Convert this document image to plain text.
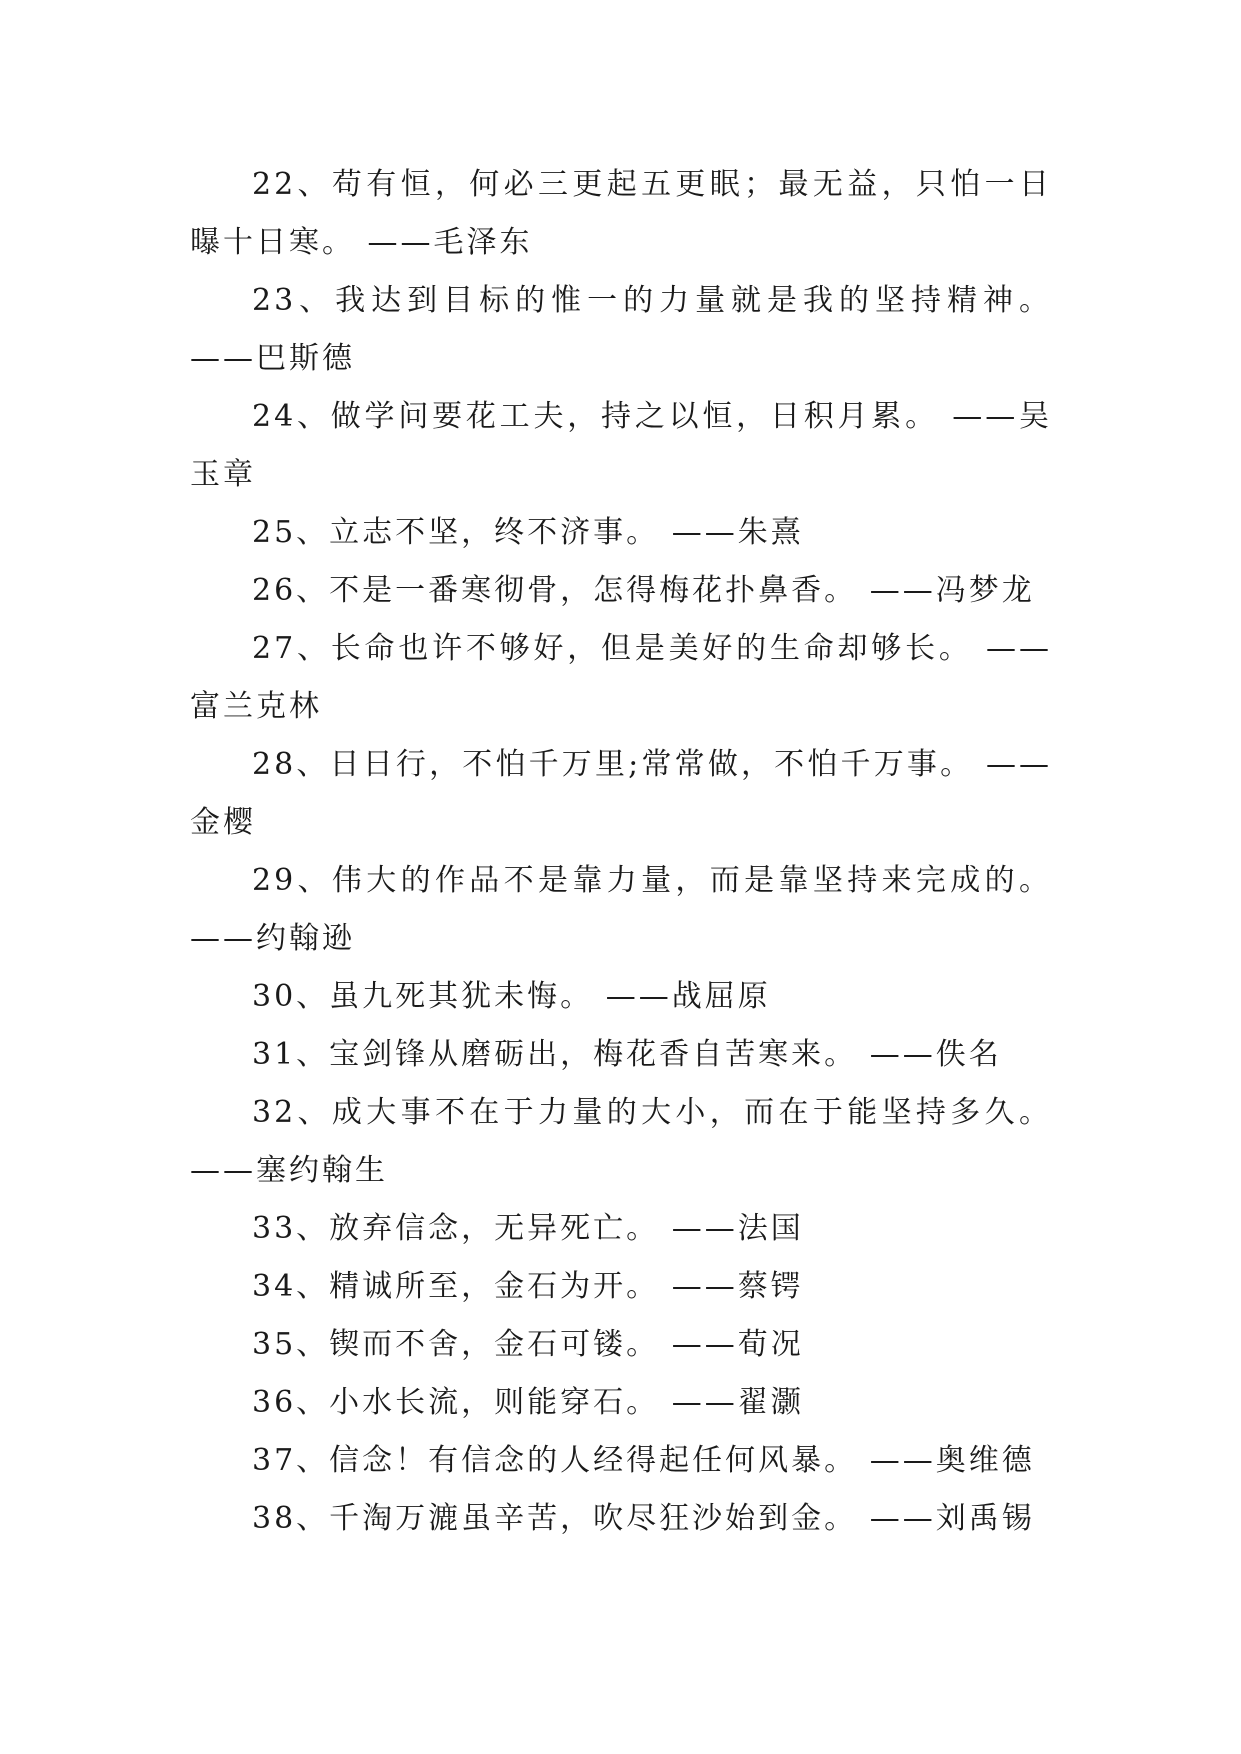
22、苟有恒，何必三更起五更眠；最无益，只怕一日曝十日寒。 ——毛泽东

23、我达到目标的惟一的力量就是我的坚持精神。——巴斯德

24、做学问要花工夫，持之以恒，日积月累。 ——吴玉章

25、立志不坚，终不济事。 ——朱熹

26、不是一番寒彻骨，怎得梅花扑鼻香。 ——冯梦龙

27、长命也许不够好，但是美好的生命却够长。 ——富兰克林

28、日日行，不怕千万里;常常做，不怕千万事。 ——金樱

29、伟大的作品不是靠力量，而是靠坚持来完成的。——约翰逊

30、虽九死其犹未悔。 ——战屈原

31、宝剑锋从磨砺出，梅花香自苦寒来。 ——佚名

32、成大事不在于力量的大小，而在于能坚持多久。——塞约翰生

33、放弃信念，无异死亡。 ——法国

34、精诚所至，金石为开。 ——蔡锷

35、锲而不舍，金石可镂。 ——荀况

36、小水长流，则能穿石。 ——翟灏

37、信念！有信念的人经得起任何风暴。 ——奥维德

38、千淘万漉虽辛苦，吹尽狂沙始到金。 ——刘禹锡
